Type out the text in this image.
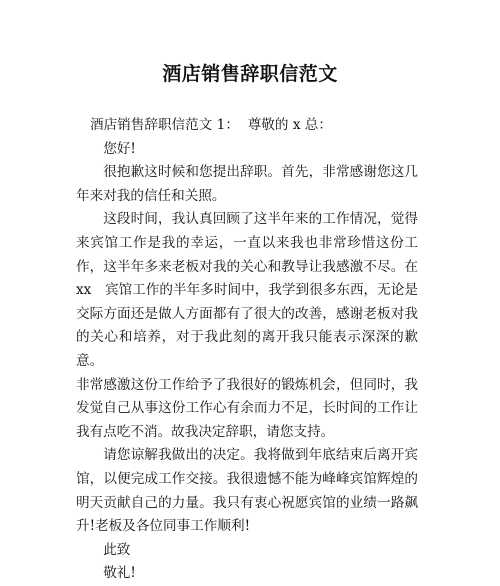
酒店销售辞职信范文

酒店销售辞职信范文 1： 尊敬的 x 总：

您好!

很抱歉这时候和您提出辞职。首先，非常感谢您这几年来对我的信任和关照。

这段时间，我认真回顾了这半年来的工作情况，觉得来宾馆工作是我的幸运，一直以来我也非常珍惜这份工作，这半年多来老板对我的关心和教导让我感激不尽。在 xx　宾馆工作的半年多时间中，我学到很多东西，无论是交际方面还是做人方面都有了很大的改善，感谢老板对我的关心和培养，对于我此刻的离开我只能表示深深的歉意。

非常感激这份工作给予了我很好的锻炼机会，但同时，我发觉自己从事这份工作心有余而力不足，长时间的工作让我有点吃不消。故我决定辞职，请您支持。

请您谅解我做出的决定。我将做到年底结束后离开宾馆，以便完成工作交接。我很遗憾不能为峰峰宾馆辉煌的明天贡献自己的力量。我只有衷心祝愿宾馆的业绩一路飙升!老板及各位同事工作顺利!

此致

敬礼!
